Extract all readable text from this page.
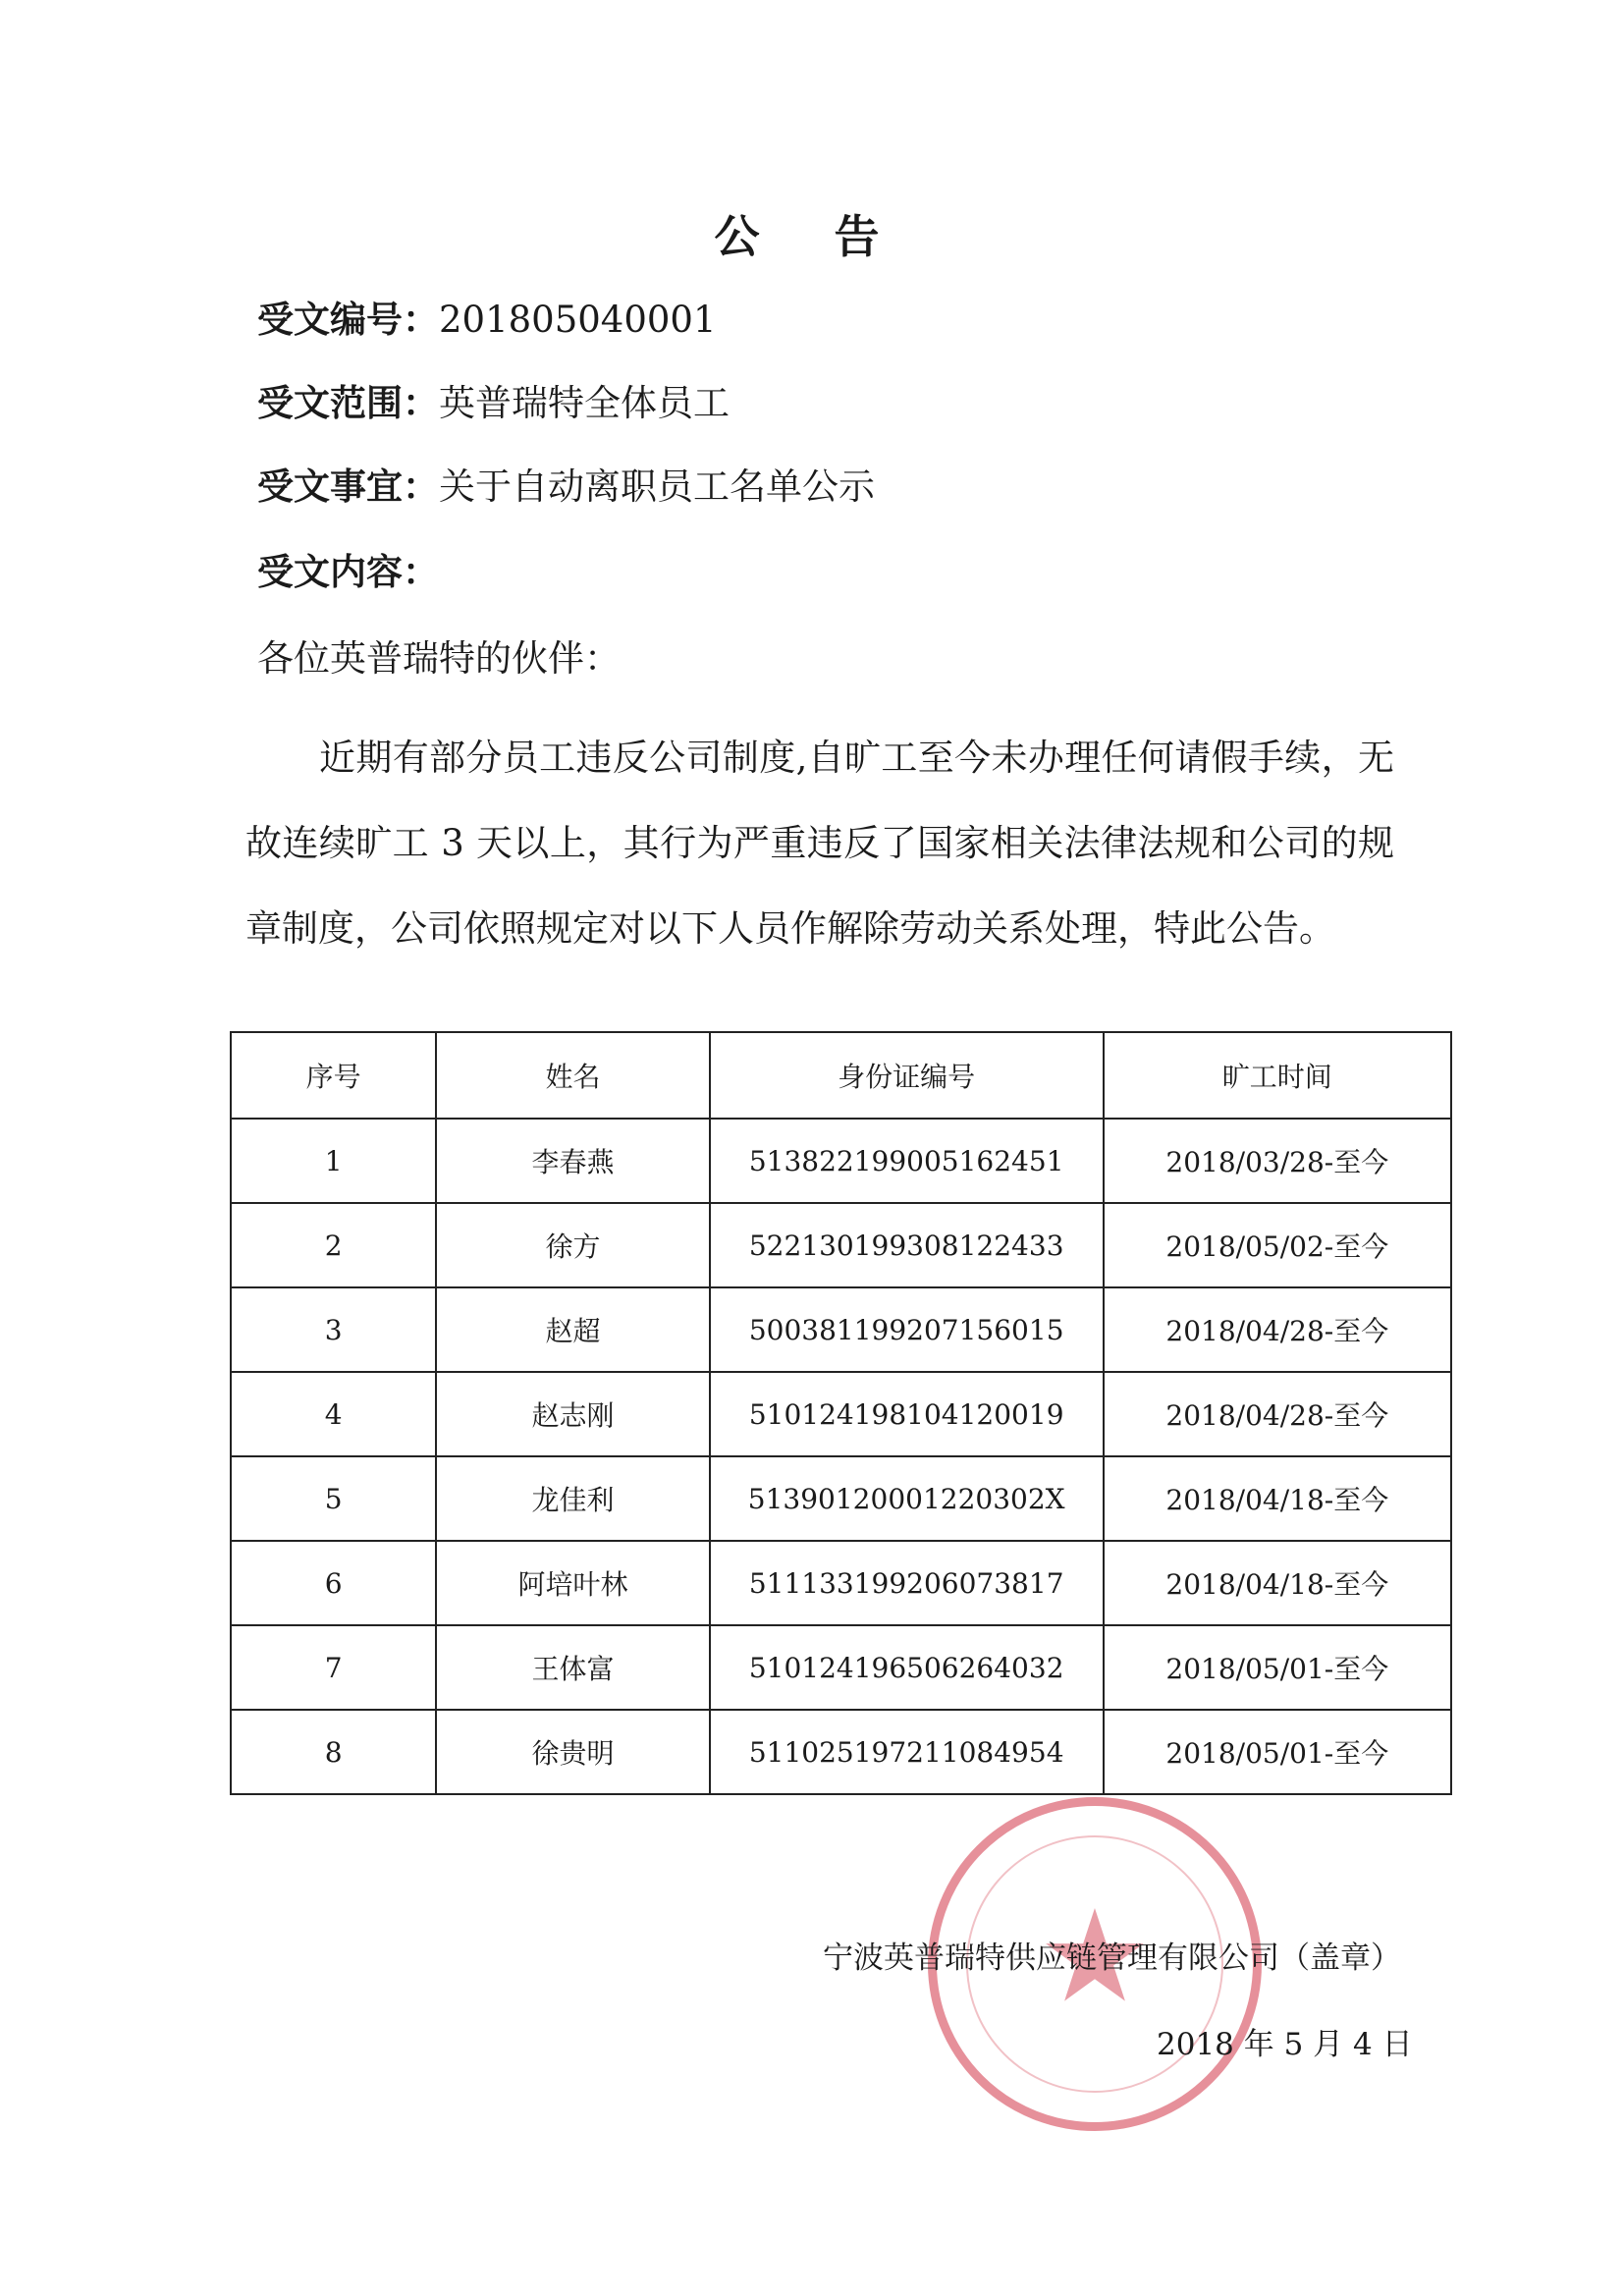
公 告
受文编号：201805040001
受文范围：英普瑞特全体员工
受文事宜：关于自动离职员工名单公示
受文内容：
各位英普瑞特的伙伴：
近期有部分员工违反公司制度,自旷工至今未办理任何请假手续，无故连续旷工 3 天以上，其行为严重违反了国家相关法律法规和公司的规章制度，公司依照规定对以下人员作解除劳动关系处理，特此公告。
序号	姓名	身份证编号	旷工时间
1	李春燕	513822199005162451	2018/03/28-至今
2	徐方	522130199308122433	2018/05/02-至今
3	赵超	500381199207156015	2018/04/28-至今
4	赵志刚	510124198104120019	2018/04/28-至今
5	龙佳利	51390120001220302X	2018/04/18-至今
6	阿培叶林	511133199206073817	2018/04/18-至今
7	王体富	510124196506264032	2018/05/01-至今
8	徐贵明	511025197211084954	2018/05/01-至今
★
宁波英普瑞特供应链管理有限公司（盖章）
2018 年 5 月 4 日
